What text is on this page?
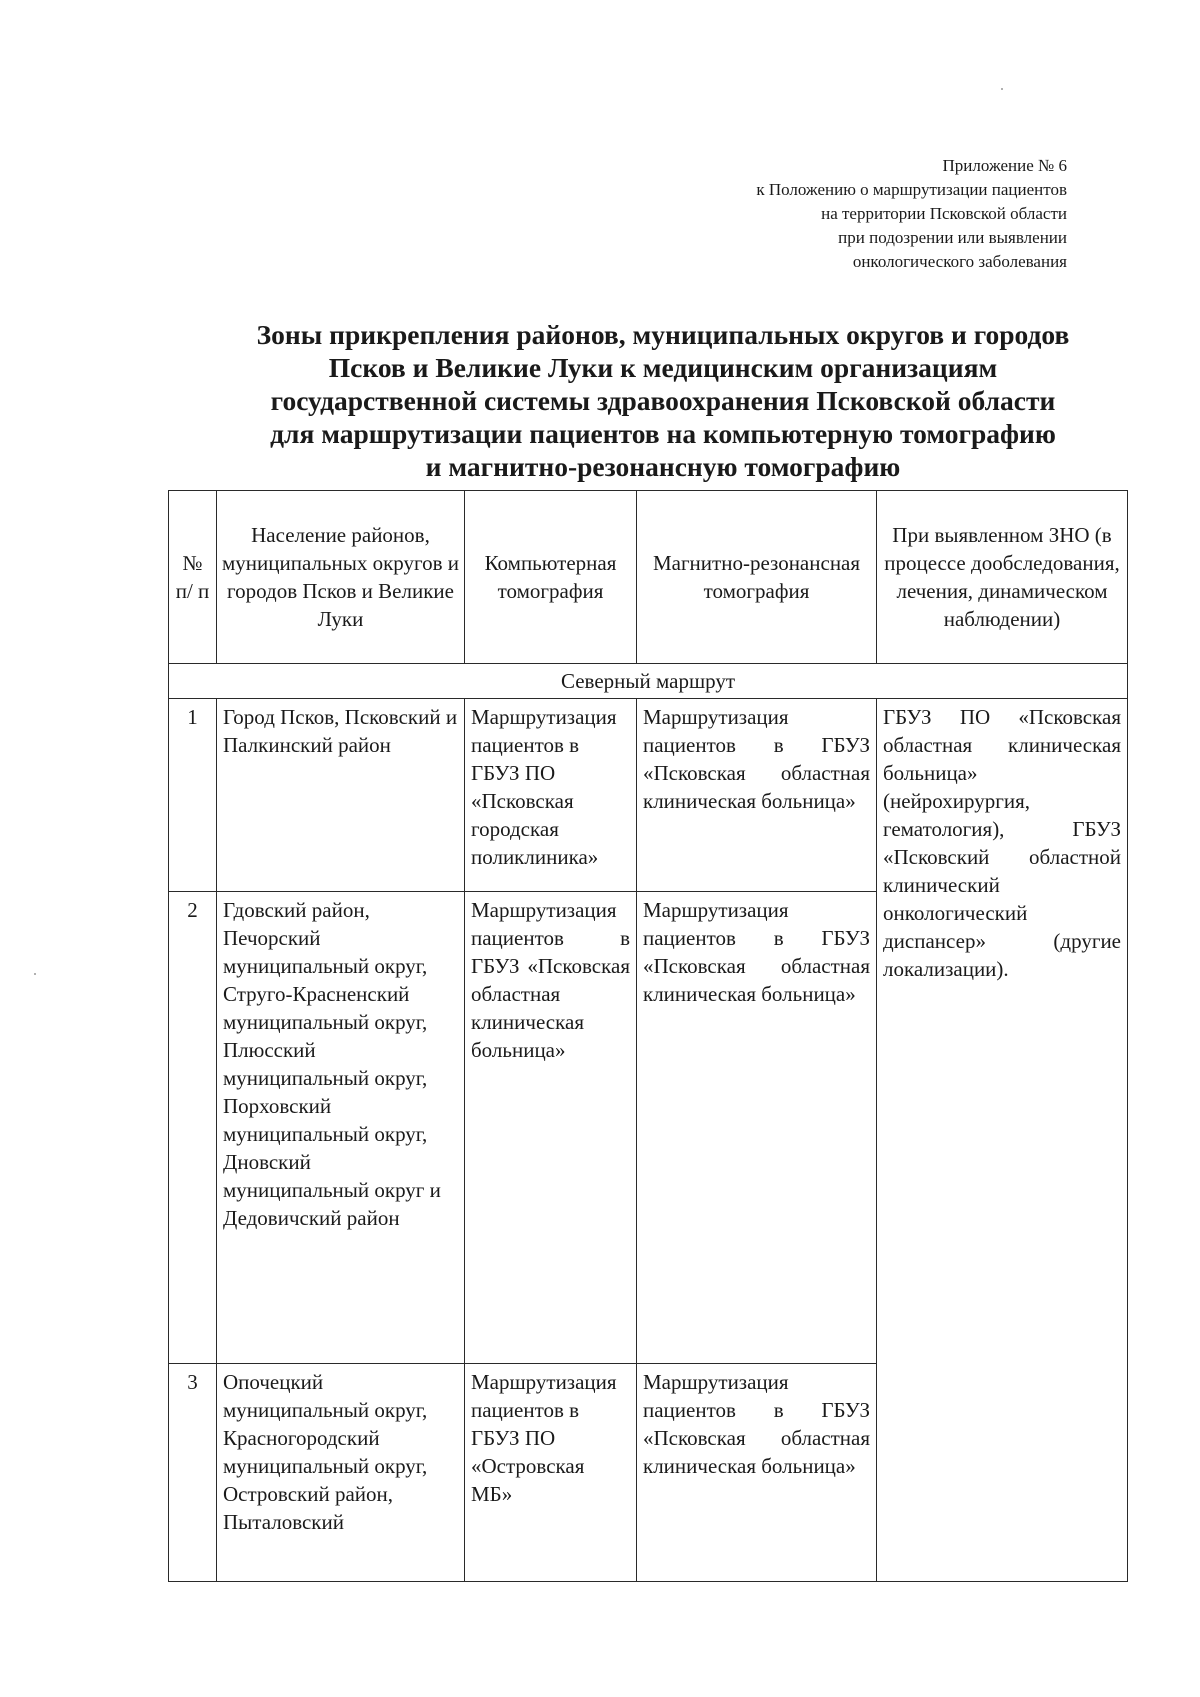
Приложение № 6
к Положению о маршрутизации пациентов
на территории Псковской области
при подозрении или выявлении
онкологического заболевания
Зоны прикрепления районов, муниципальных округов и городов
Псков и Великие Луки к медицинским организациям
государственной системы здравоохранения Псковской области
для маршрутизации пациентов на компьютерную томографию
и магнитно-резонансную томографию
№ п/ п	Население районов, муниципальных округов и городов Псков и Великие Луки	Компьютерная томография	Магнитно-резонансная томография	При выявленном ЗНО (в процессе дообследования, лечения, динамическом наблюдении)
Северный маршрут				
1	Город Псков, Псковский и Палкинский район	Маршрутизация пациентов в ГБУЗ ПО «Псковская городская поликлиника»	Маршрутизация пациентов в ГБУЗ «Псковская областная клиническая больница»	ГБУЗ ПО «Псковская областная клиническая больница» (нейрохирургия, гематология), ГБУЗ «Псковский областной клинический онкологический диспансер» (другие локализации).
2	Гдовский район, Печорский муниципальный округ, Струго-Красненский муниципальный округ, Плюсский муниципальный округ, Порховский муниципальный округ, Дновский муниципальный округ и Дедовичский район	Маршрутизация пациентов в ГБУЗ «Псковская областная клиническая больница»	Маршрутизация пациентов в ГБУЗ «Псковская областная клиническая больница»	
3	Опочецкий муниципальный округ, Красногородский муниципальный округ, Островский район, Пыталовский	Маршрутизация пациентов в ГБУЗ ПО «Островская МБ»	Маршрутизация пациентов в ГБУЗ «Псковская областная клиническая больница»	
